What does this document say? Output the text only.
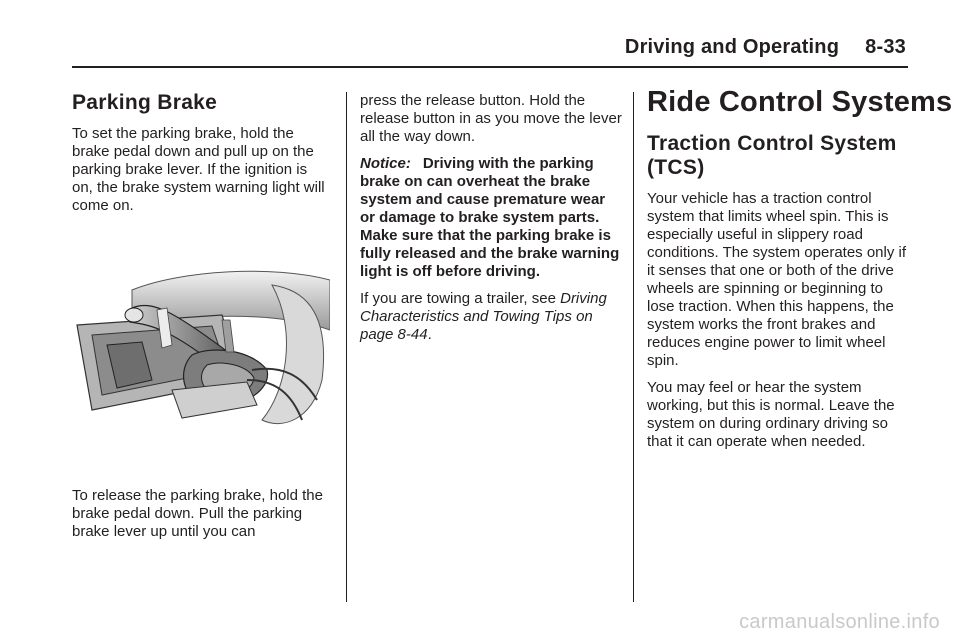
Driving and Operating 8-33
Parking Brake

To set the parking brake, hold the brake pedal down and pull up on the parking brake lever. If the ignition is on, the brake system warning light will come on.

To release the parking brake, hold the brake pedal down. Pull the parking brake lever up until you can

press the release button. Hold the release button in as you move the lever all the way down.

Notice: Driving with the parking brake on can overheat the brake system and cause premature wear or damage to brake system parts. Make sure that the parking brake is fully released and the brake warning light is off before driving.

If you are towing a trailer, see Driving Characteristics and Towing Tips on page 8-44.

Ride Control Systems
Traction Control System (TCS)

Your vehicle has a traction control system that limits wheel spin. This is especially useful in slippery road conditions. The system operates only if it senses that one or both of the drive wheels are spinning or beginning to lose traction. When this happens, the system works the front brakes and reduces engine power to limit wheel spin.

You may feel or hear the system working, but this is normal. Leave the system on during ordinary driving so that it can operate when needed.

carmanualsonline.info
